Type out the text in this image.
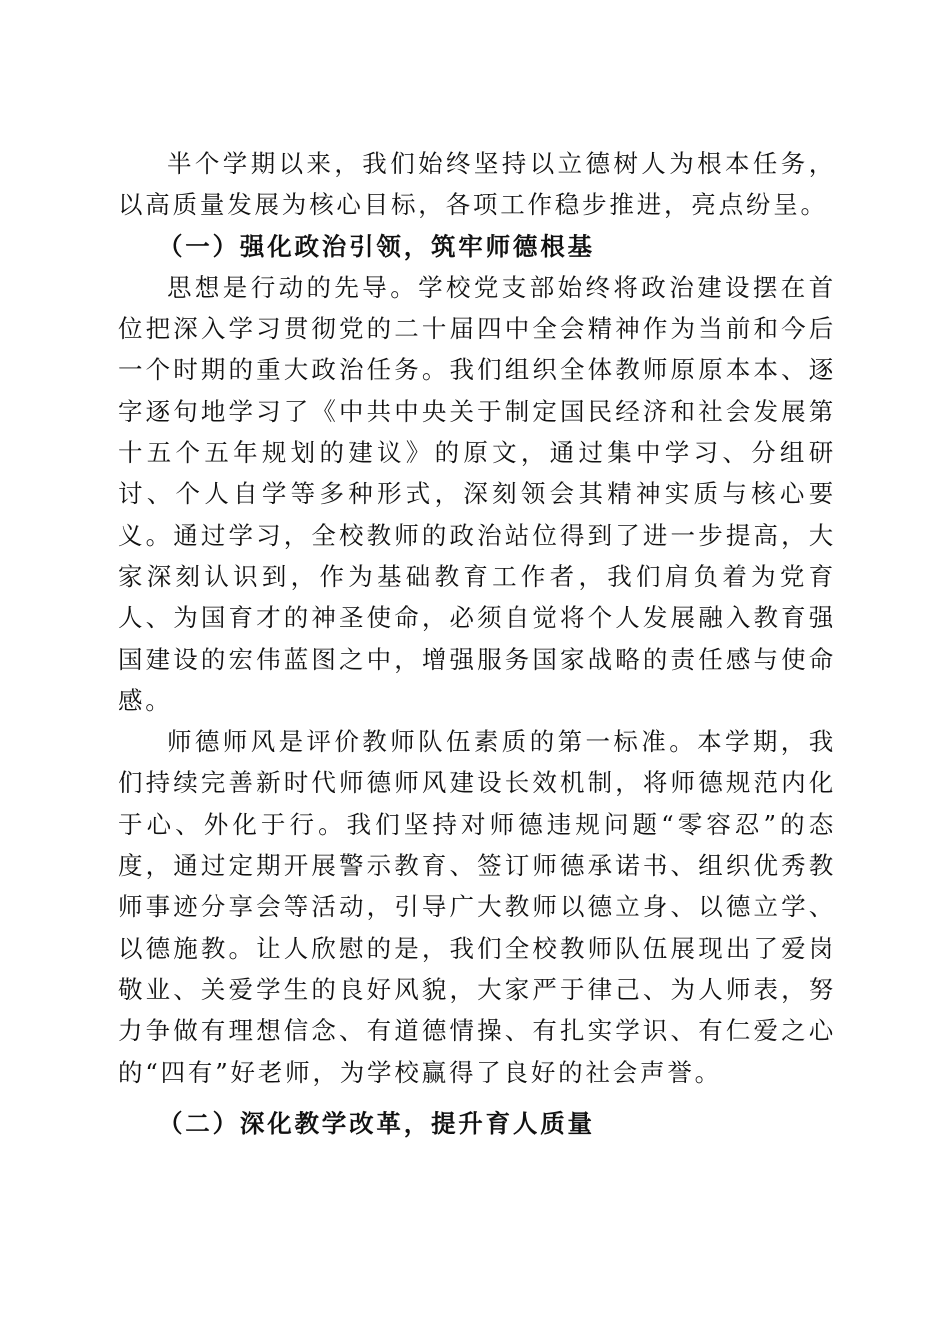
半个学期以来，我们始终坚持以立德树人为根本任务，以高质量发展为核心目标，各项工作稳步推进，亮点纷呈。

（一）强化政治引领，筑牢师德根基

思想是行动的先导。学校党支部始终将政治建设摆在首位把深入学习贯彻党的二十届四中全会精神作为当前和今后一个时期的重大政治任务。我们组织全体教师原原本本、逐字逐句地学习了《中共中央关于制定国民经济和社会发展第十五个五年规划的建议》的原文，通过集中学习、分组研讨、个人自学等多种形式，深刻领会其精神实质与核心要义。通过学习，全校教师的政治站位得到了进一步提高，大家深刻认识到，作为基础教育工作者，我们肩负着为党育人、为国育才的神圣使命，必须自觉将个人发展融入教育强国建设的宏伟蓝图之中，增强服务国家战略的责任感与使命感。

师德师风是评价教师队伍素质的第一标准。本学期，我们持续完善新时代师德师风建设长效机制，将师德规范内化于心、外化于行。我们坚持对师德违规问题“零容忍”的态度，通过定期开展警示教育、签订师德承诺书、组织优秀教师事迹分享会等活动，引导广大教师以德立身、以德立学、以德施教。让人欣慰的是，我们全校教师队伍展现出了爱岗敬业、关爱学生的良好风貌，大家严于律己、为人师表，努力争做有理想信念、有道德情操、有扎实学识、有仁爱之心的“四有”好老师，为学校赢得了良好的社会声誉。

（二）深化教学改革，提升育人质量
